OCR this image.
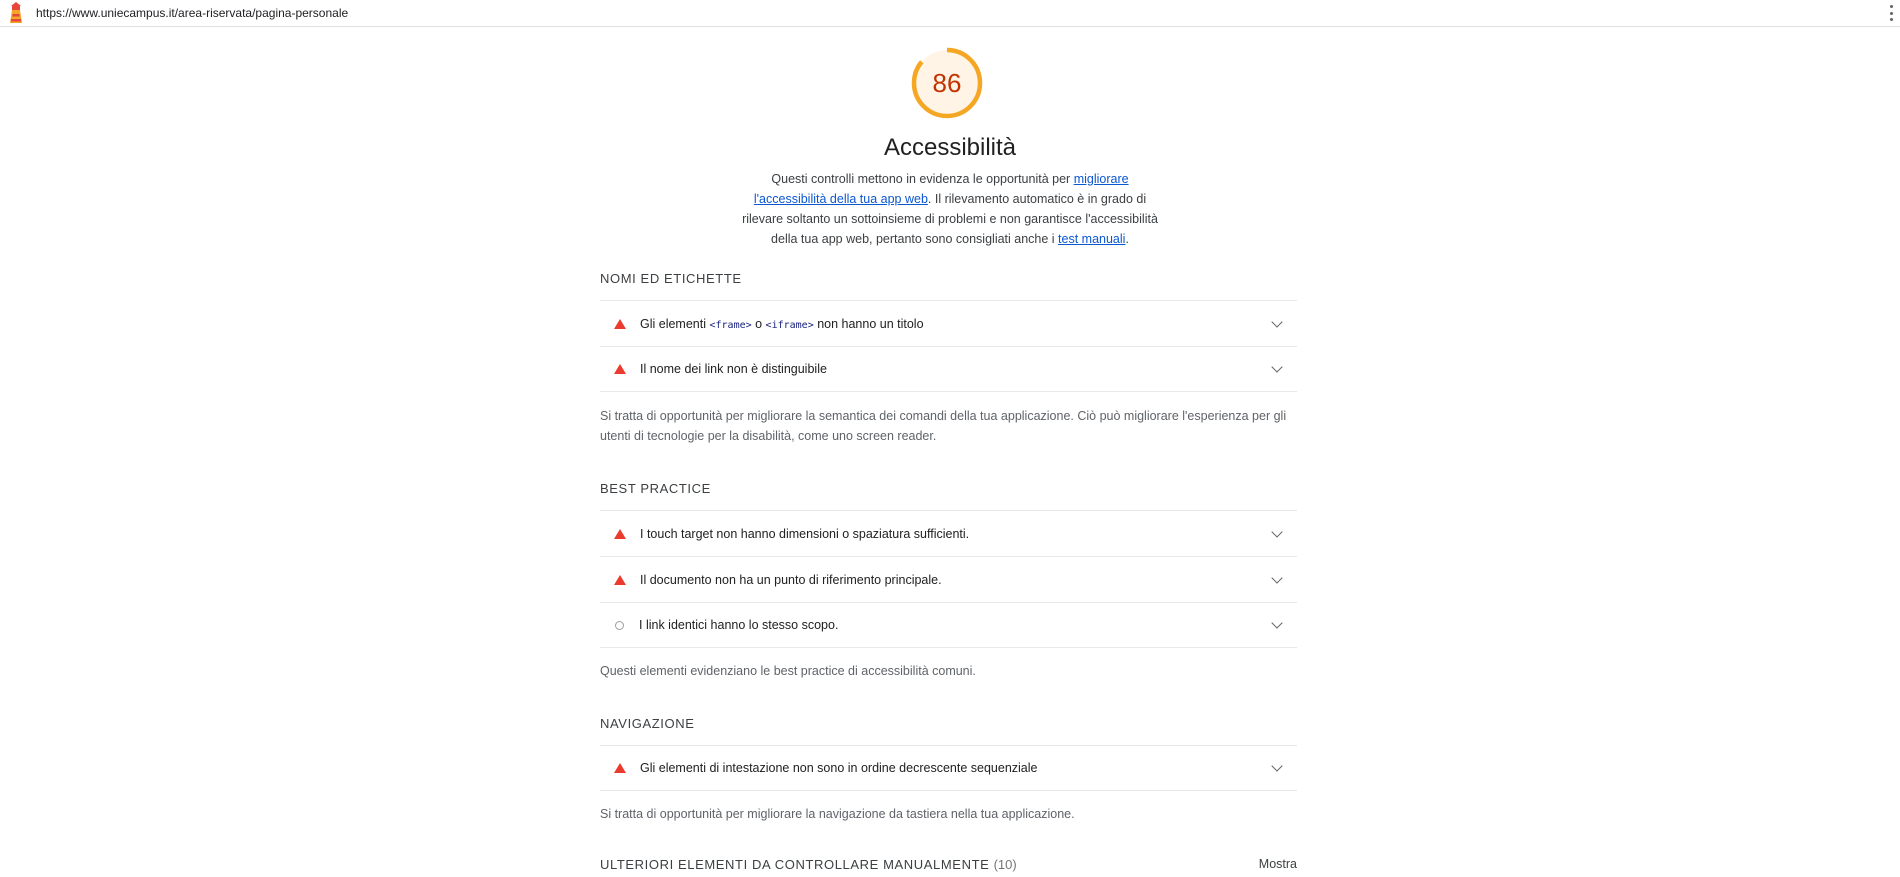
https://www.uniecampus.it/area-riservata/pagina-personale
86
Accessibilità
Questi controlli mettono in evidenza le opportunità per migliorare l'accessibilità della tua app web. Il rilevamento automatico è in grado di rilevare soltanto un sottoinsieme di problemi e non garantisce l'accessibilità della tua app web, pertanto sono consigliati anche i test manuali.
NOMI ED ETICHETTE
Gli elementi <frame> o <iframe> non hanno un titolo
Il nome dei link non è distinguibile
Si tratta di opportunità per migliorare la semantica dei comandi della tua applicazione. Ciò può migliorare l'esperienza per gli utenti di tecnologie per la disabilità, come uno screen reader.
BEST PRACTICE
I touch target non hanno dimensioni o spaziatura sufficienti.
Il documento non ha un punto di riferimento principale.
I link identici hanno lo stesso scopo.
Questi elementi evidenziano le best practice di accessibilità comuni.
NAVIGAZIONE
Gli elementi di intestazione non sono in ordine decrescente sequenziale
Si tratta di opportunità per migliorare la navigazione da tastiera nella tua applicazione.
ULTERIORI ELEMENTI DA CONTROLLARE MANUALMENTE (10)	Mostra
